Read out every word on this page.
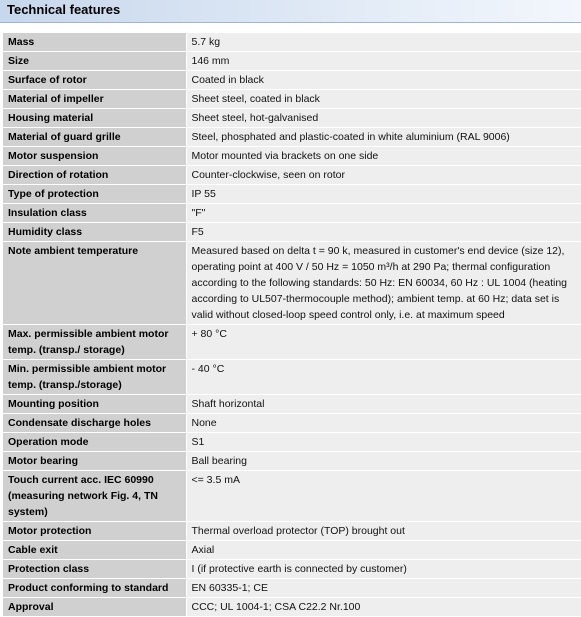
Technical features
Mass	5.7 kg
Size	146 mm
Surface of rotor	Coated in black
Material of impeller	Sheet steel, coated in black
Housing material	Sheet steel, hot-galvanised
Material of guard grille	Steel, phosphated and plastic-coated in white aluminium (RAL 9006)
Motor suspension	Motor mounted via brackets on one side
Direction of rotation	Counter-clockwise, seen on rotor
Type of protection	IP 55
Insulation class	"F"
Humidity class	F5
Note ambient temperature	Measured based on delta t = 90 k, measured in customer's end device (size 12), operating point at 400 V / 50 Hz = 1050 m³/h at 290 Pa; thermal configuration according to the following standards: 50 Hz: EN 60034, 60 Hz : UL 1004 (heating according to UL507-thermocouple method); ambient temp. at 60 Hz; data set is valid without closed-loop speed control only, i.e. at maximum speed
Max. permissible ambient motor temp. (transp./ storage)	+ 80 °C
Min. permissible ambient motor temp. (transp./storage)	- 40 °C
Mounting position	Shaft horizontal
Condensate discharge holes	None
Operation mode	S1
Motor bearing	Ball bearing
Touch current acc. IEC 60990 (measuring network Fig. 4, TN system)	<= 3.5 mA
Motor protection	Thermal overload protector (TOP) brought out
Cable exit	Axial
Protection class	I (if protective earth is connected by customer)
Product conforming to standard	EN 60335-1; CE
Approval	CCC; UL 1004-1; CSA C22.2 Nr.100
